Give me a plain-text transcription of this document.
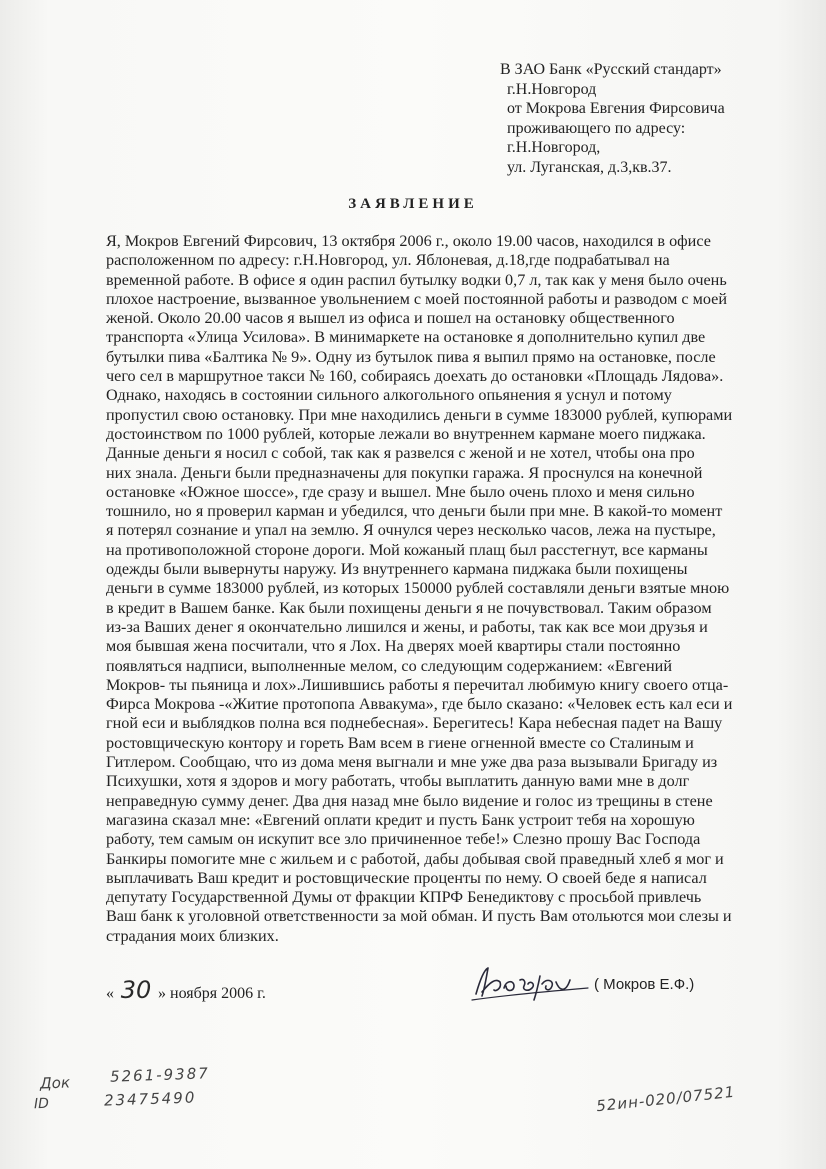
В ЗАО Банк «Русский стандарт»
г.Н.Новгород
от Мокрова Евгения Фирсовича
проживающего по адресу:
г.Н.Новгород,
ул. Луганская, д.3,кв.37.
ЗАЯВЛЕНИЕ
Я, Мокров Евгений Фирсович, 13 октября 2006 г., около 19.00 часов, находился в офисе
расположенном по адресу: г.Н.Новгород, ул. Яблоневая, д.18,где подрабатывал на
временной работе. В офисе я один распил бутылку водки 0,7 л, так как у меня было очень
плохое настроение, вызванное увольнением с моей постоянной работы и разводом с моей
женой. Около 20.00 часов я вышел из офиса и пошел на остановку общественного
транспорта «Улица Усилова». В минимаркете на остановке я дополнительно купил две
бутылки пива «Балтика № 9». Одну из бутылок пива я выпил прямо на остановке, после
чего сел в маршрутное такси № 160, собираясь доехать до остановки «Площадь Лядова».
Однако, находясь в состоянии сильного алкогольного опьянения я уснул и потому
пропустил свою остановку. При мне находились деньги в сумме 183000 рублей, купюрами
достоинством по 1000 рублей, которые лежали во внутреннем кармане моего пиджака.
Данные деньги я носил с собой, так как я развелся с женой и не хотел, чтобы она про
них знала. Деньги были предназначены для покупки гаража. Я проснулся на конечной
остановке «Южное шоссе», где сразу и вышел. Мне было очень плохо и меня сильно
тошнило, но я проверил карман и убедился, что деньги были при мне. В какой-то момент
я потерял сознание и упал на землю. Я очнулся через несколько часов, лежа на пустыре,
на противоположной стороне дороги. Мой кожаный плащ был расстегнут, все карманы
одежды были вывернуты наружу. Из внутреннего кармана пиджака были похищены
деньги в сумме 183000 рублей, из которых 150000 рублей составляли деньги взятые мною
в кредит в Вашем банке. Как были похищены деньги я не почувствовал. Таким образом
из-за Ваших денег я окончательно лишился и жены, и работы, так как все мои друзья и
моя бывшая жена посчитали, что я Лох. На дверях моей квартиры стали постоянно
появляться надписи, выполненные мелом, со следующим содержанием: «Евгений
Мокров- ты пьяница и лох».Лишившись работы я перечитал любимую книгу своего отца-
Фирса Мокрова -«Житие протопопа Аввакума», где было сказано: «Человек есть кал еси и
гной еси и выблядков полна вся поднебесная». Берегитесь! Кара небесная падет на Вашу
ростовщическую контору и гореть Вам всем в гиене огненной вместе со Сталиным и
Гитлером. Сообщаю, что из дома меня выгнали и мне уже два раза вызывали Бригаду из
Психушки, хотя я здоров и могу работать, чтобы выплатить данную вами мне в долг
неправедную сумму денег. Два дня назад мне было видение и голос из трещины в стене
магазина сказал мне: «Евгений оплати кредит и пусть Банк устроит тебя на хорошую
работу, тем самым он искупит все зло причиненное тебе!» Слезно прошу Вас Господа
Банкиры помогите мне с жильем и с работой, дабы добывая свой праведный хлеб я мог и
выплачивать Ваш кредит и ростовщические проценты по нему. О своей беде я написал
депутату Государственной Думы от фракции КПРФ Бенедиктову с просьбой привлечь
Ваш банк к уголовной ответственности за мой обман. И пусть Вам отольются мои слезы и
страдания моих близких.
« 30 » ноября 2006 г.
( Мокров Е.Ф.)
Док	5261-9387
ID	23475490	52ин-020/07521
